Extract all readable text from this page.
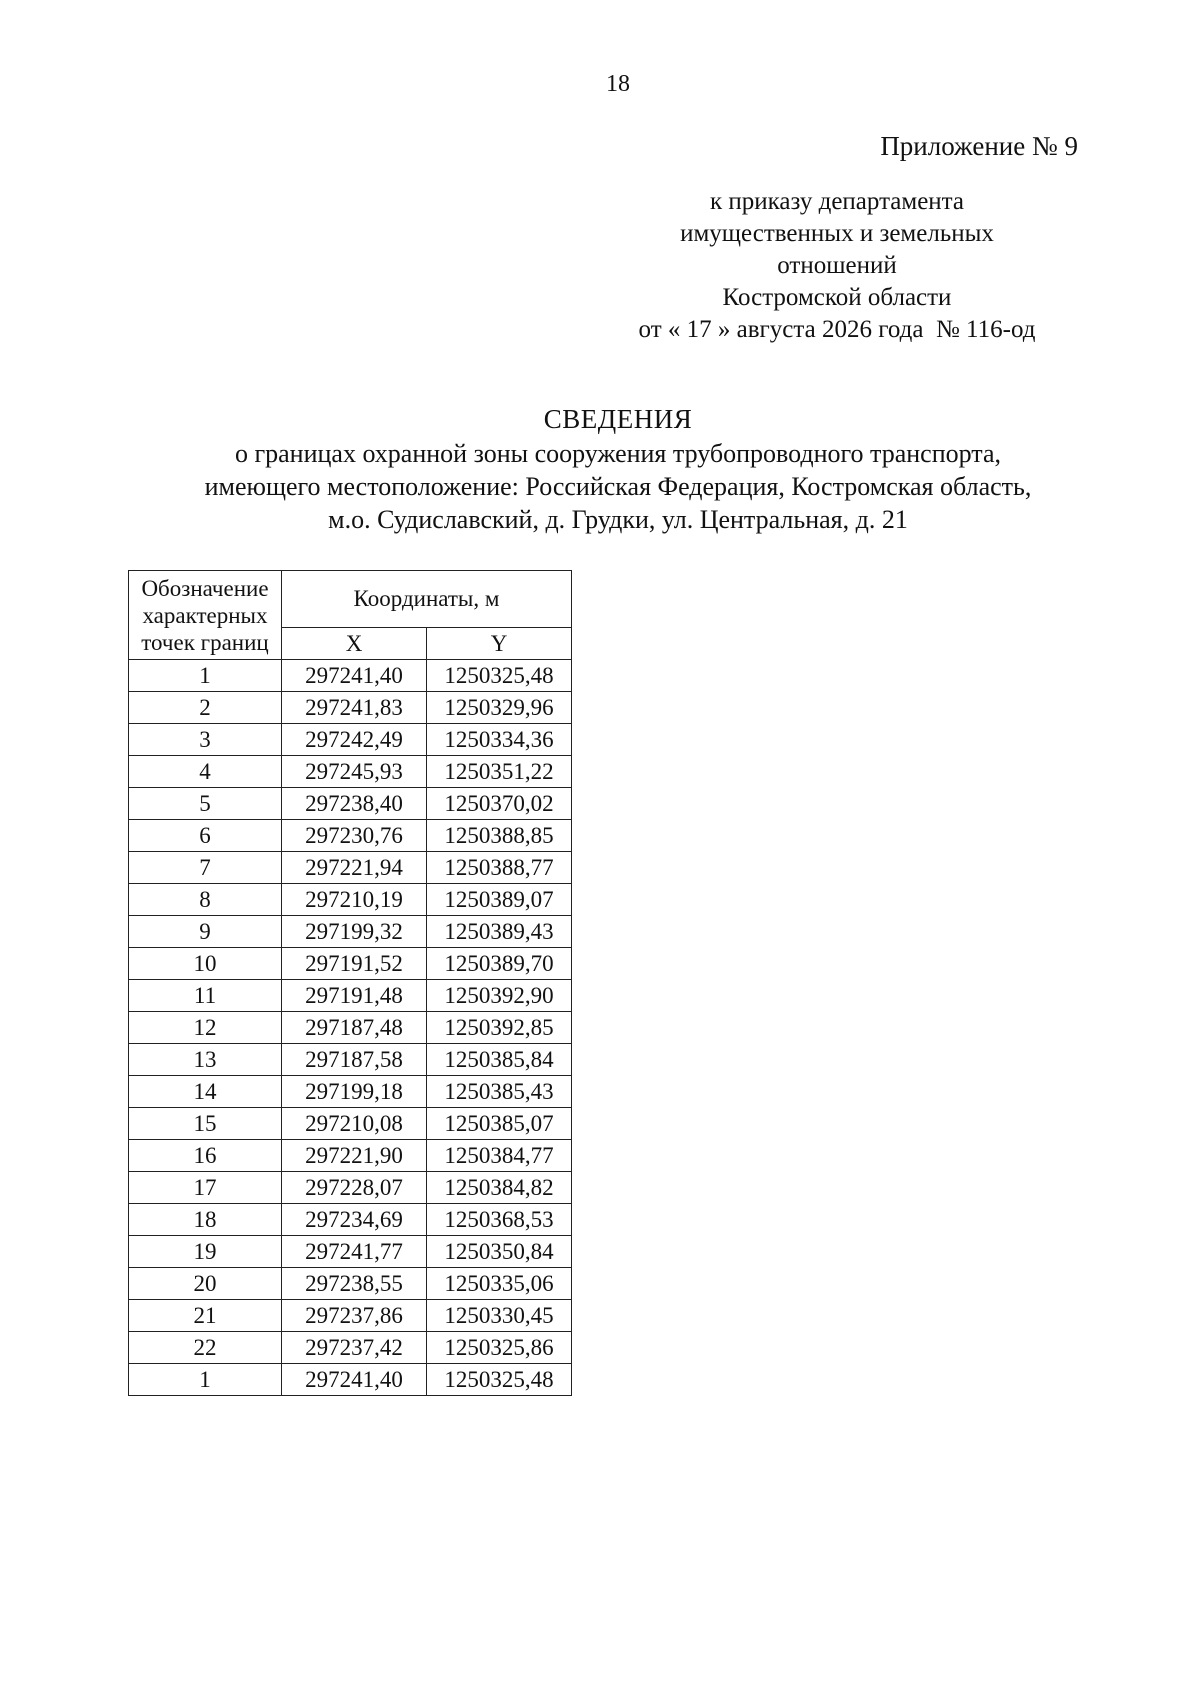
18
Приложение № 9
к приказу департамента
имущественных и земельных
отношений
Костромской области
от « 17 » августа 2026 года  № 116-од
СВЕДЕНИЯ
о границах охранной зоны сооружения трубопроводного транспорта,
имеющего местоположение: Российская Федерация, Костромская область,
м.о. Судиславский, д. Грудки, ул. Центральная, д. 21
Обозначение характерных точек границ	Координаты, м	
	X	Y
1	297241,40	1250325,48
2	297241,83	1250329,96
3	297242,49	1250334,36
4	297245,93	1250351,22
5	297238,40	1250370,02
6	297230,76	1250388,85
7	297221,94	1250388,77
8	297210,19	1250389,07
9	297199,32	1250389,43
10	297191,52	1250389,70
11	297191,48	1250392,90
12	297187,48	1250392,85
13	297187,58	1250385,84
14	297199,18	1250385,43
15	297210,08	1250385,07
16	297221,90	1250384,77
17	297228,07	1250384,82
18	297234,69	1250368,53
19	297241,77	1250350,84
20	297238,55	1250335,06
21	297237,86	1250330,45
22	297237,42	1250325,86
1	297241,40	1250325,48
